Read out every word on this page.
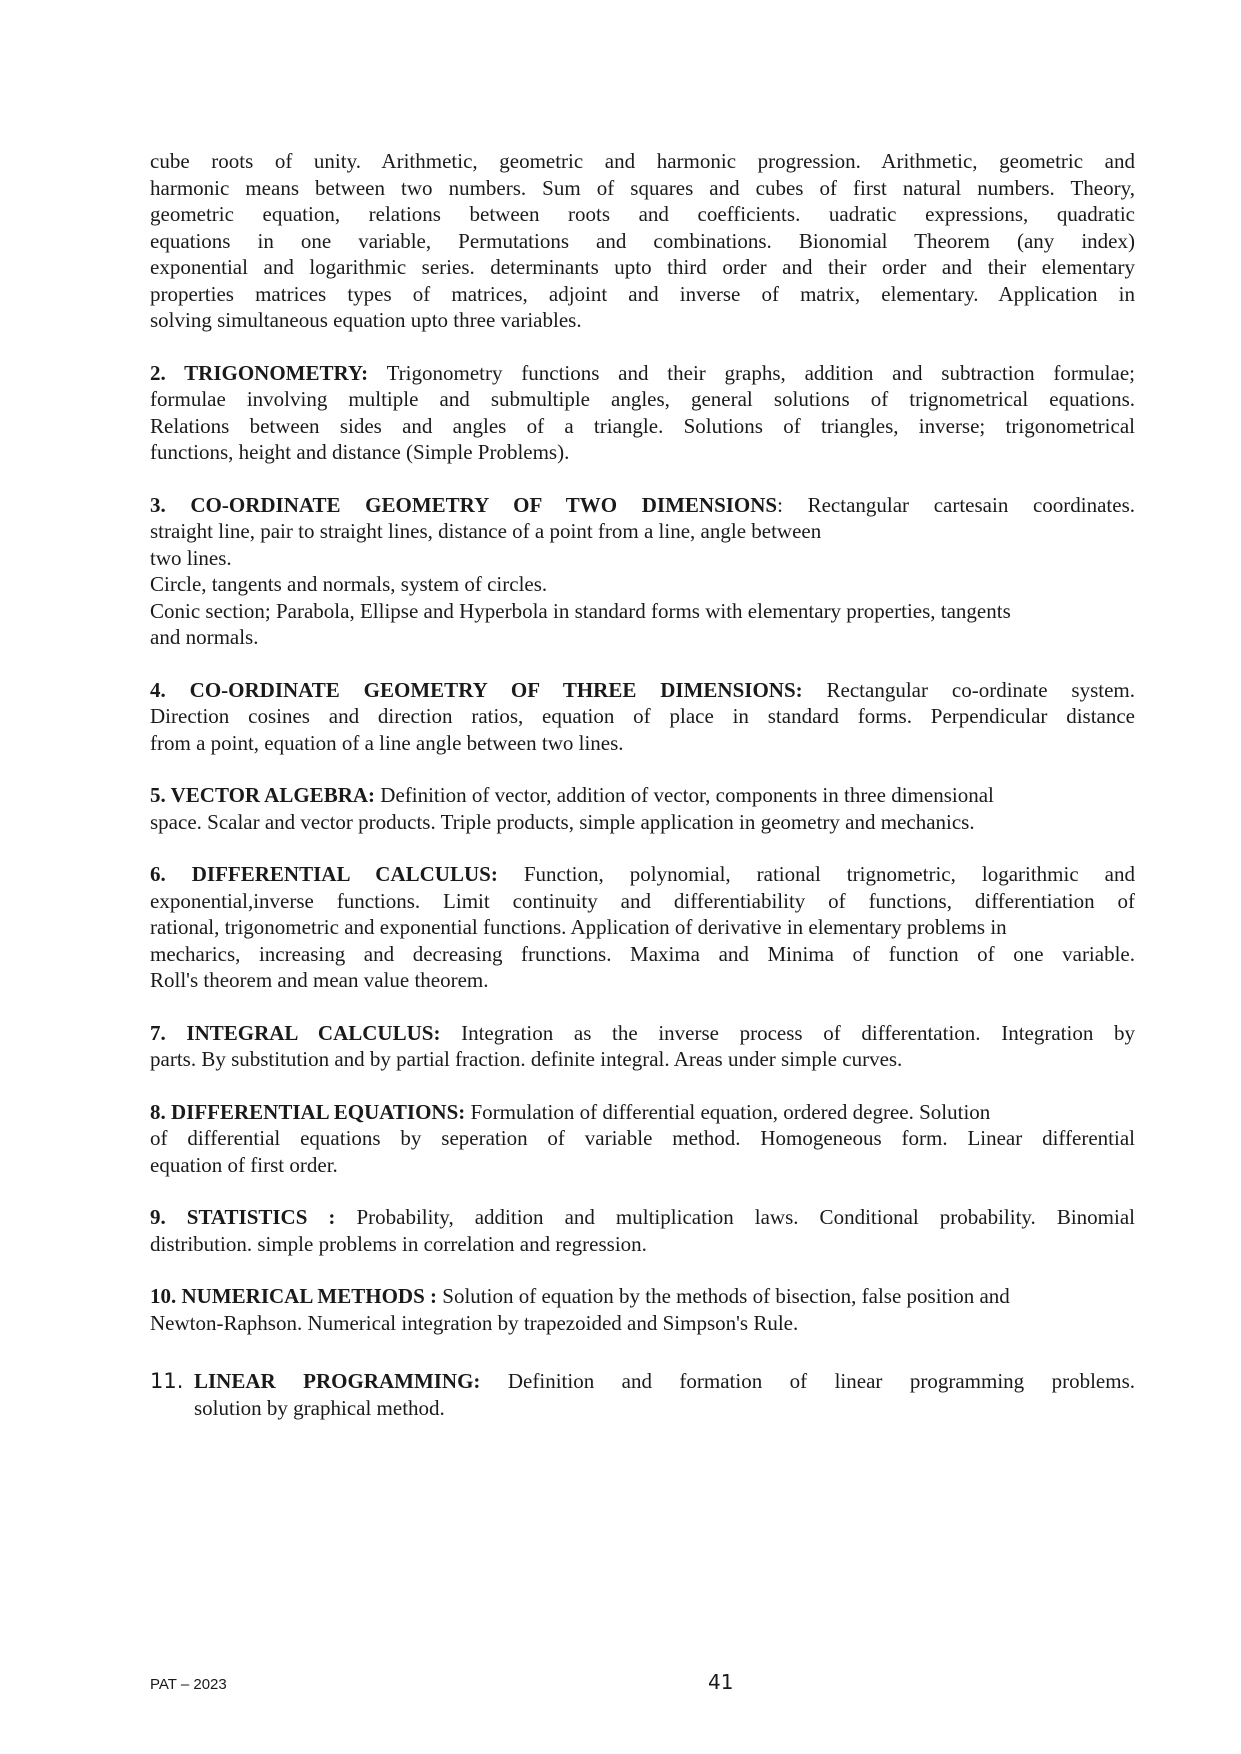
cube roots of unity. Arithmetic, geometric and harmonic progression. Arithmetic, geometric and
harmonic means between two numbers. Sum of squares and cubes of first natural numbers. Theory,
geometric equation, relations between roots and coefficients. uadratic expressions, quadratic
equations in one variable, Permutations and combinations. Bionomial Theorem (any index)
exponential and logarithmic series. determinants upto third order and their order and their elementary
properties matrices types of matrices, adjoint and inverse of matrix, elementary. Application in
solving simultaneous equation upto three variables.

2. TRIGONOMETRY: Trigonometry functions and their graphs, addition and subtraction formulae;
formulae involving multiple and submultiple angles, general solutions of trignometrical equations.
Relations between sides and angles of a triangle. Solutions of triangles, inverse; trigonometrical
functions, height and distance (Simple Problems).

3. CO-ORDINATE GEOMETRY OF TWO DIMENSIONS: Rectangular cartesain coordinates.
straight line, pair to straight lines, distance of a point from a line, angle between
two lines.
Circle, tangents and normals, system of circles.
Conic section; Parabola, Ellipse and Hyperbola in standard forms with elementary properties, tangents
and normals.

4. CO-ORDINATE GEOMETRY OF THREE DIMENSIONS: Rectangular co-ordinate system.
Direction cosines and direction ratios, equation of place in standard forms. Perpendicular distance
from a point, equation of a line angle between two lines.

5. VECTOR ALGEBRA: Definition of vector, addition of vector, components in three dimensional
space. Scalar and vector products. Triple products, simple application in geometry and mechanics.

6. DIFFERENTIAL CALCULUS: Function, polynomial, rational trignometric, logarithmic and
exponential,inverse functions. Limit continuity and differentiability of functions, differentiation of
rational, trigonometric and exponential functions. Application of derivative in elementary problems in
mecharics, increasing and decreasing frunctions. Maxima and Minima of function of one variable.
Roll's theorem and mean value theorem.

7. INTEGRAL CALCULUS: Integration as the inverse process of differentation. Integration by
parts. By substitution and by partial fraction. definite integral. Areas under simple curves.

8. DIFFERENTIAL EQUATIONS: Formulation of differential equation, ordered degree. Solution
of differential equations by seperation of variable method. Homogeneous form. Linear differential
equation of first order.

9. STATISTICS : Probability, addition and multiplication laws. Conditional probability. Binomial
distribution. simple problems in correlation and regression.

10. NUMERICAL METHODS : Solution of equation by the methods of bisection, false position and
Newton-Raphson. Numerical integration by trapezoided and Simpson's Rule.

11. LINEAR PROGRAMMING: Definition and formation of linear programming problems.
solution by graphical method.
PAT – 2023	41
